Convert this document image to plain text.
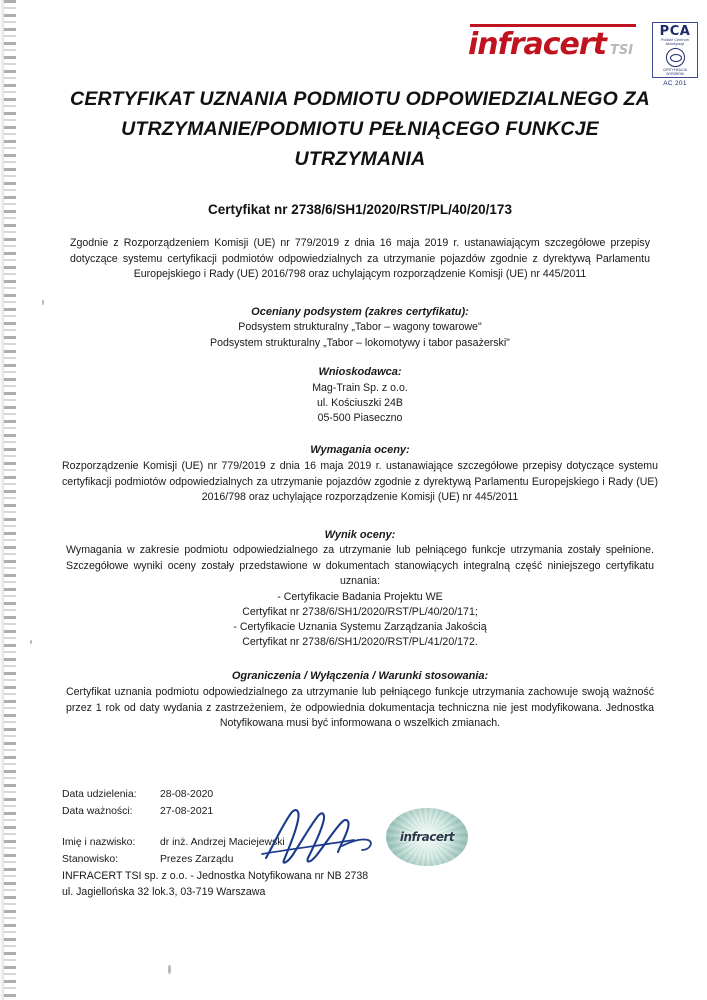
infracert TSI
PCA
Polskie Centrum
Akredytacji
CERTYFIKACJA
WYROBÓW
AC 201
CERTYFIKAT UZNANIA PODMIOTU ODPOWIEDZIALNEGO ZA UTRZYMANIE/PODMIOTU PEŁNIĄCEGO FUNKCJE UTRZYMANIA
Certyfikat nr 2738/6/SH1/2020/RST/PL/40/20/173
Zgodnie z Rozporządzeniem Komisji (UE) nr 779/2019 z dnia 16 maja 2019 r. ustanawiającym szczegółowe przepisy dotyczące systemu certyfikacji podmiotów odpowiedzialnych za utrzymanie pojazdów zgodnie z dyrektywą Parlamentu Europejskiego i Rady (UE) 2016/798 oraz uchylającym rozporządzenie Komisji (UE) nr 445/2011
Oceniany podsystem (zakres certyfikatu):
Podsystem strukturalny „Tabor – wagony towarowe"
Podsystem strukturalny „Tabor – lokomotywy i tabor pasażerski"
Wnioskodawca:
Mag-Train Sp. z o.o.
ul. Kościuszki 24B
05-500 Piaseczno
Wymagania oceny:
Rozporządzenie Komisji (UE) nr 779/2019 z dnia 16 maja 2019 r. ustanawiające szczegółowe przepisy dotyczące systemu certyfikacji podmiotów odpowiedzialnych za utrzymanie pojazdów zgodnie z dyrektywą Parlamentu Europejskiego i Rady (UE) 2016/798 oraz uchylające rozporządzenie Komisji (UE) nr 445/2011
Wynik oceny:
Wymagania w zakresie podmiotu odpowiedzialnego za utrzymanie lub pełniącego funkcje utrzymania zostały spełnione. Szczegółowe wyniki oceny zostały przedstawione w dokumentach stanowiących integralną część niniejszego certyfikatu uznania:
- Certyfikacie Badania Projektu WE
Certyfikat nr 2738/6/SH1/2020/RST/PL/40/20/171;
- Certyfikacie Uznania Systemu Zarządzania Jakością
Certyfikat nr 2738/6/SH1/2020/RST/PL/41/20/172.
Ograniczenia / Wyłączenia / Warunki stosowania:
Certyfikat uznania podmiotu odpowiedzialnego za utrzymanie lub pełniącego funkcje utrzymania zachowuje swoją ważność przez 1 rok od daty wydania z zastrzeżeniem, że odpowiednia dokumentacja techniczna nie jest modyfikowana. Jednostka Notyfikowana musi być informowana o wszelkich zmianach.
Data udzielenia:	28-08-2020
Data ważności:	27-08-2021
Imię i nazwisko:	dr inż. Andrzej Maciejewski
Stanowisko:	Prezes Zarządu
infracert
INFRACERT TSI sp. z o.o. - Jednostka Notyfikowana nr NB 2738
ul. Jagiellońska 32 lok.3, 03-719 Warszawa
